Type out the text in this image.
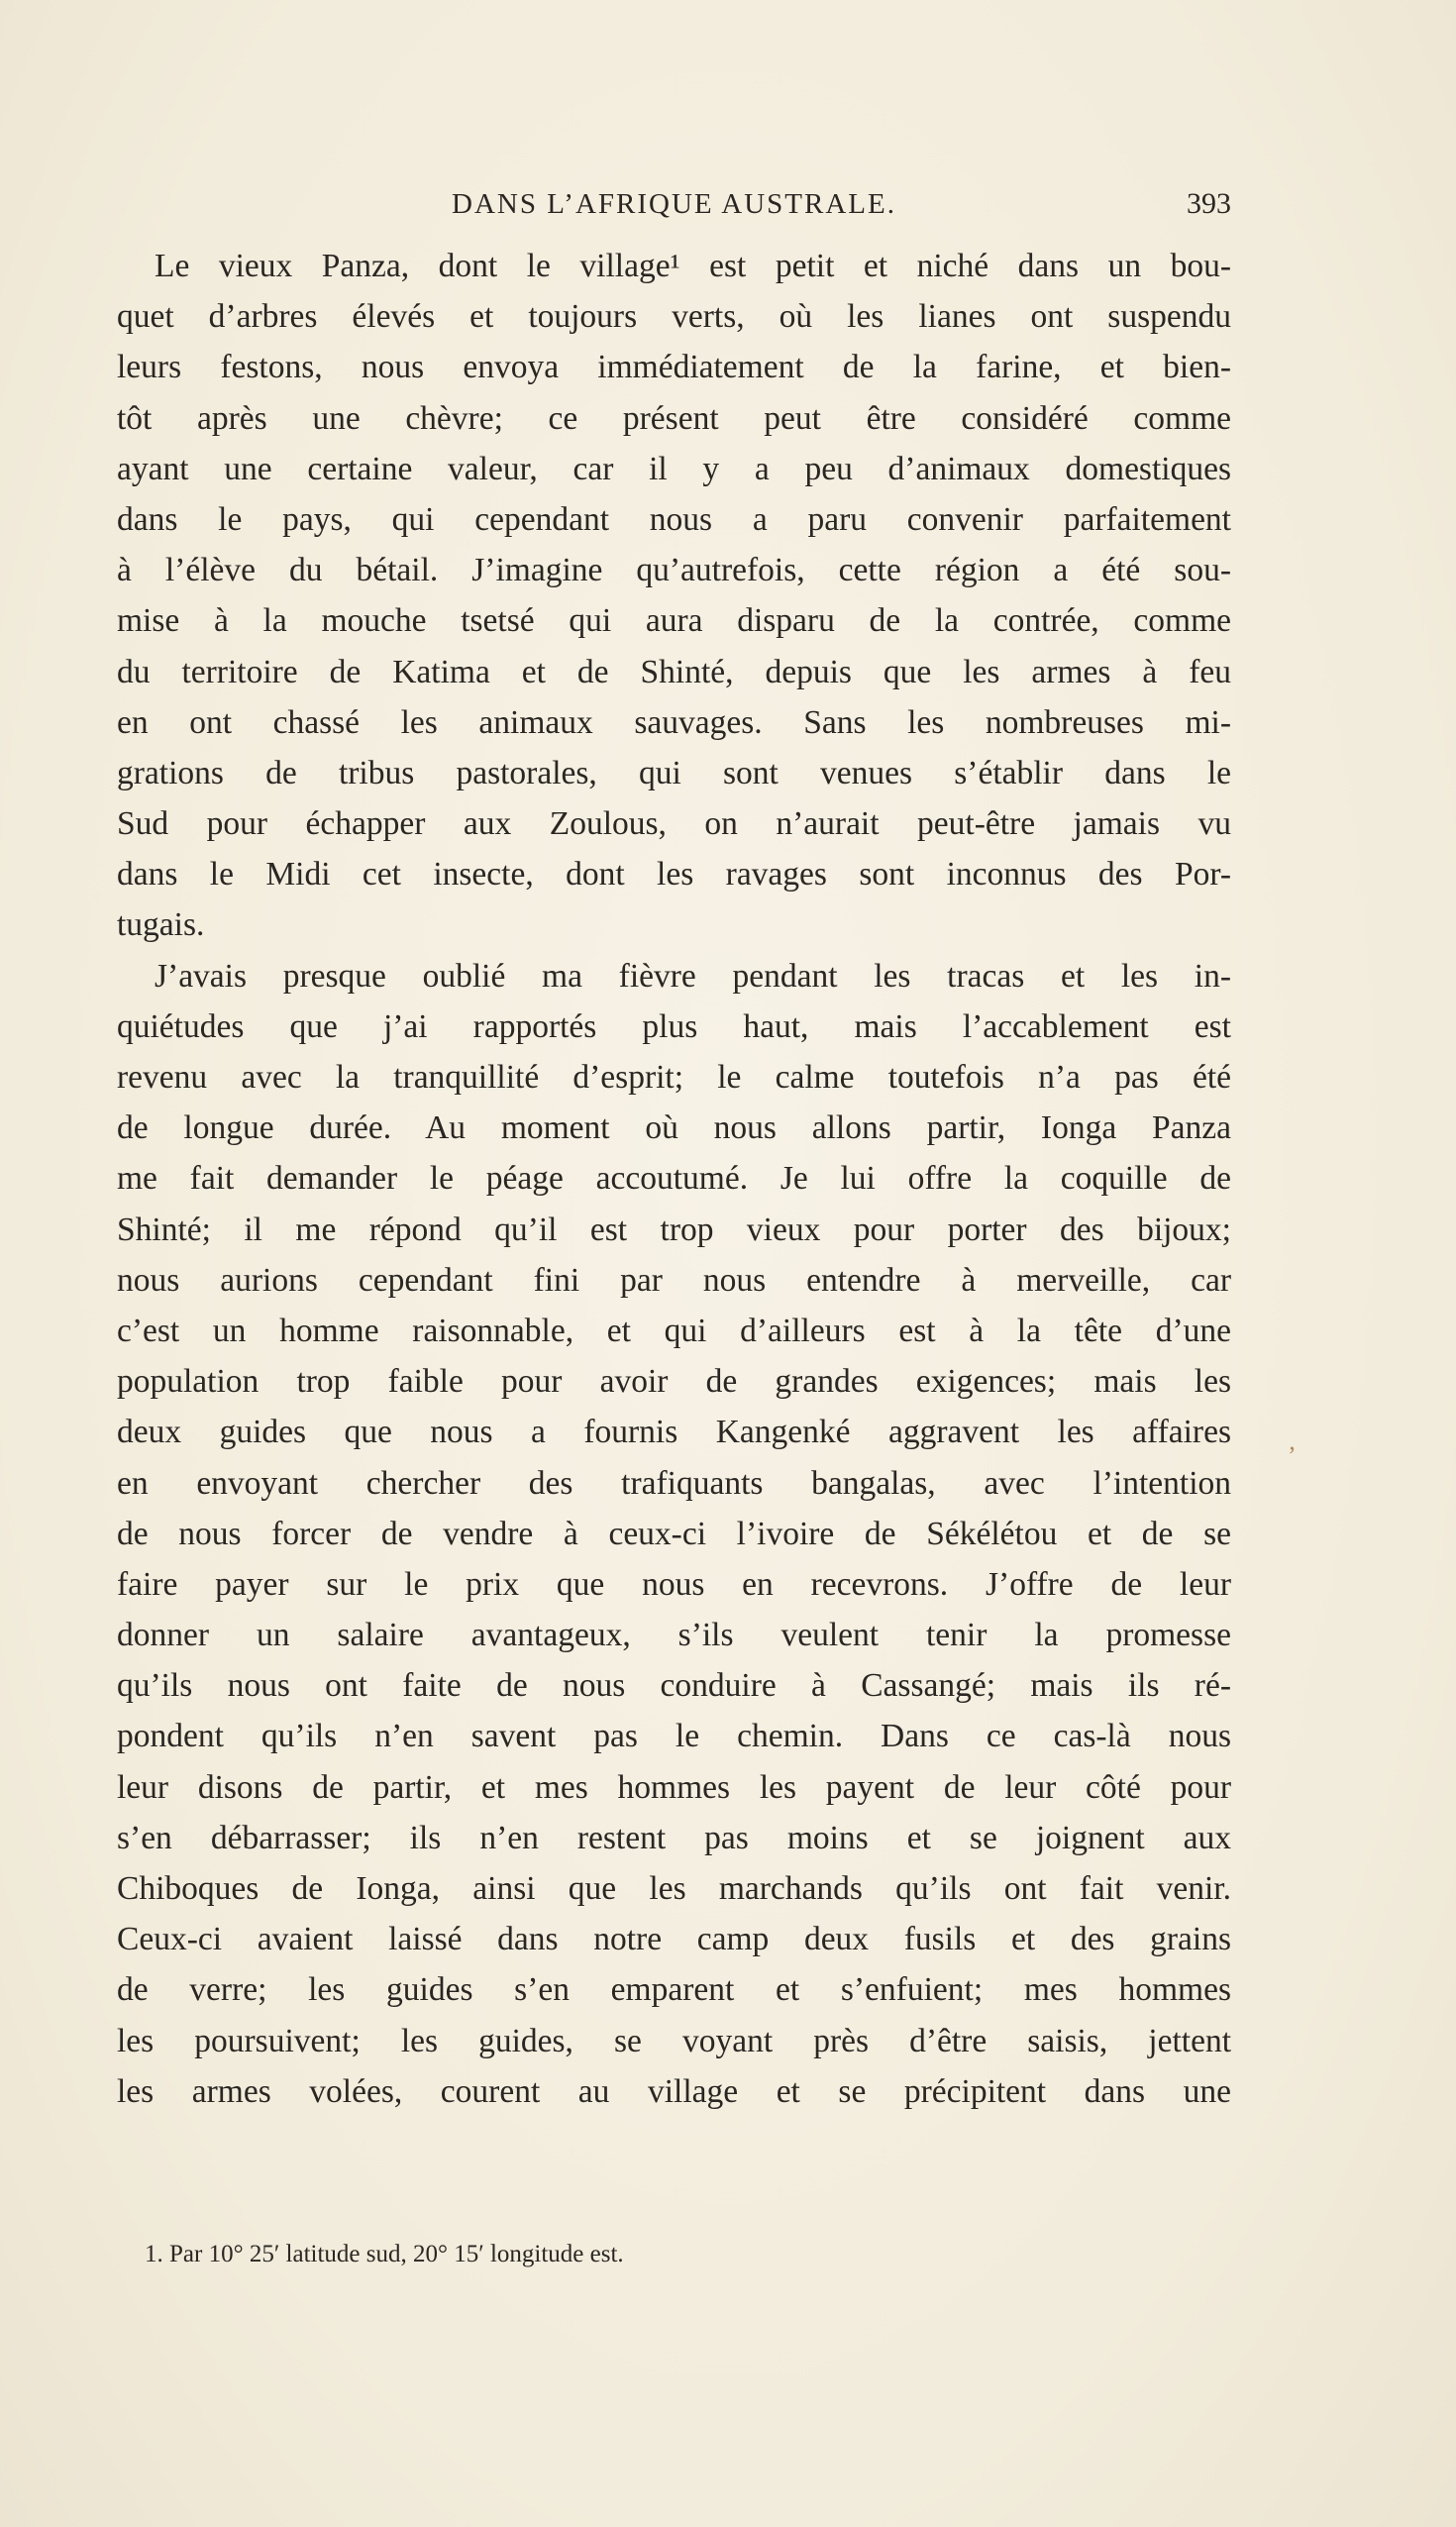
DANS L’AFRIQUE AUSTRALE.	393
Le vieux Panza, dont le village¹ est petit et niché dans un bou-
quet d’arbres élevés et toujours verts, où les lianes ont suspendu
leurs festons, nous envoya immédiatement de la farine, et bien-
tôt après une chèvre; ce présent peut être considéré comme
ayant une certaine valeur, car il y a peu d’animaux domestiques
dans le pays, qui cependant nous a paru convenir parfaitement
à l’élève du bétail. J’imagine qu’autrefois, cette région a été sou-
mise à la mouche tsetsé qui aura disparu de la contrée, comme
du territoire de Katima et de Shinté, depuis que les armes à feu
en ont chassé les animaux sauvages. Sans les nombreuses mi-
grations de tribus pastorales, qui sont venues s’établir dans le
Sud pour échapper aux Zoulous, on n’aurait peut-être jamais vu
dans le Midi cet insecte, dont les ravages sont inconnus des Por-
tugais.
J’avais presque oublié ma fièvre pendant les tracas et les in-
quiétudes que j’ai rapportés plus haut, mais l’accablement est
revenu avec la tranquillité d’esprit; le calme toutefois n’a pas été
de longue durée. Au moment où nous allons partir, Ionga Panza
me fait demander le péage accoutumé. Je lui offre la coquille de
Shinté; il me répond qu’il est trop vieux pour porter des bijoux;
nous aurions cependant fini par nous entendre à merveille, car
c’est un homme raisonnable, et qui d’ailleurs est à la tête d’une
population trop faible pour avoir de grandes exigences; mais les
deux guides que nous a fournis Kangenké aggravent les affaires
en envoyant chercher des trafiquants bangalas, avec l’intention
de nous forcer de vendre à ceux-ci l’ivoire de Sékélétou et de se
faire payer sur le prix que nous en recevrons. J’offre de leur
donner un salaire avantageux, s’ils veulent tenir la promesse
qu’ils nous ont faite de nous conduire à Cassangé; mais ils ré-
pondent qu’ils n’en savent pas le chemin. Dans ce cas-là nous
leur disons de partir, et mes hommes les payent de leur côté pour
s’en débarrasser; ils n’en restent pas moins et se joignent aux
Chiboques de Ionga, ainsi que les marchands qu’ils ont fait venir.
Ceux-ci avaient laissé dans notre camp deux fusils et des grains
de verre; les guides s’en emparent et s’enfuient; mes hommes
les poursuivent; les guides, se voyant près d’être saisis, jettent
les armes volées, courent au village et se précipitent dans une
1. Par 10° 25′ latitude sud, 20° 15′ longitude est.
ʼ
